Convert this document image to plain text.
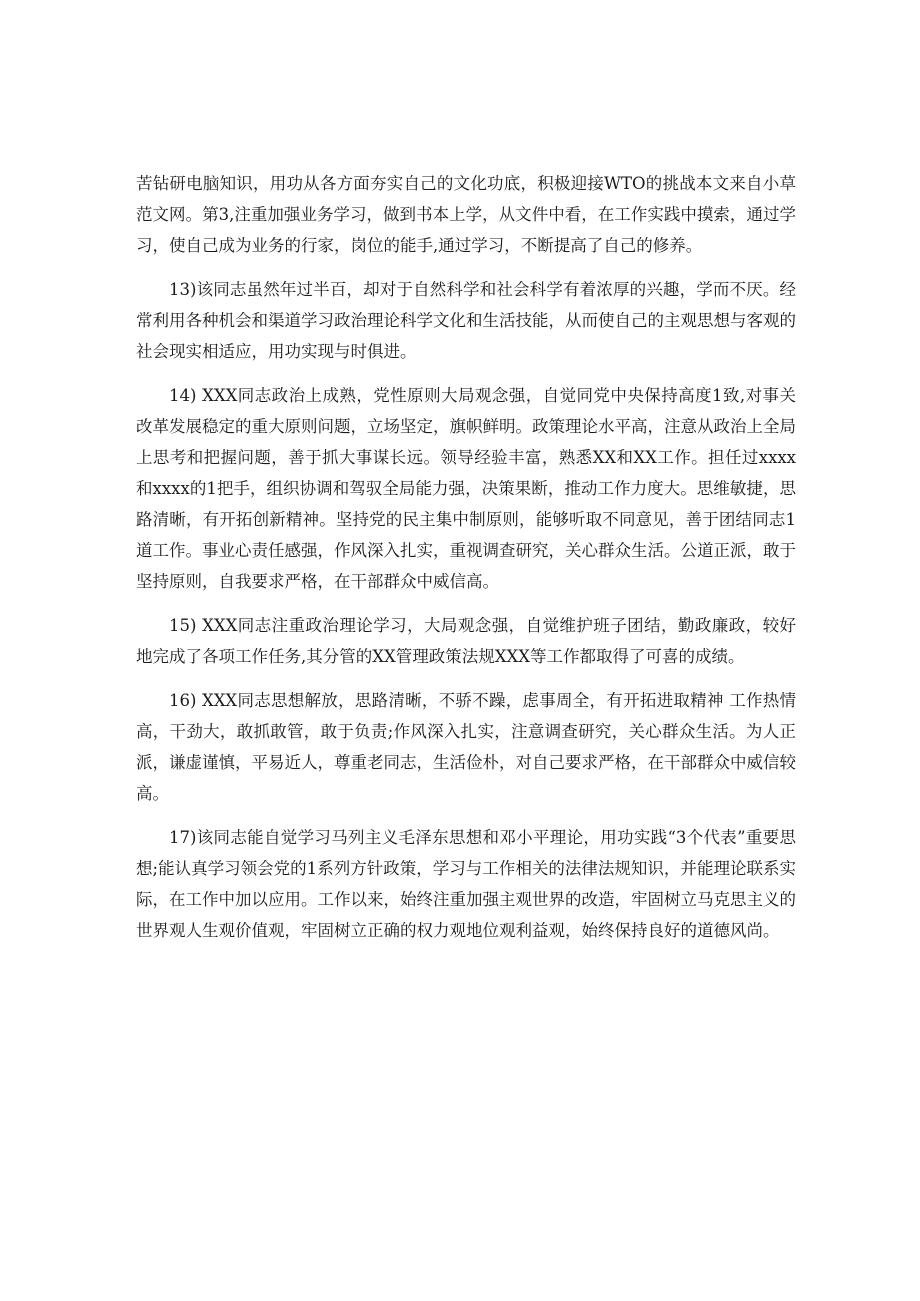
苦钻研电脑知识，用功从各方面夯实自己的文化功底，积极迎接WTO的挑战本文来自小草范文网。第3,注重加强业务学习，做到书本上学，从文件中看，在工作实践中摸索，通过学习，使自己成为业务的行家，岗位的能手,通过学习，不断提高了自己的修养。

13)该同志虽然年过半百，却对于自然科学和社会科学有着浓厚的兴趣，学而不厌。经常利用各种机会和渠道学习政治理论科学文化和生活技能，从而使自己的主观思想与客观的社会现实相适应，用功实现与时俱进。

14) XXX同志政治上成熟，党性原则大局观念强，自觉同党中央保持高度1致,对事关改革发展稳定的重大原则问题，立场坚定，旗帜鲜明。政策理论水平高，注意从政治上全局上思考和把握问题，善于抓大事谋长远。领导经验丰富，熟悉XX和XX工作。担任过xxxx和xxxx的1把手，组织协调和驾驭全局能力强，决策果断，推动工作力度大。思维敏捷，思路清晰，有开拓创新精神。坚持党的民主集中制原则，能够听取不同意见，善于团结同志1道工作。事业心责任感强，作风深入扎实，重视调查研究，关心群众生活。公道正派，敢于坚持原则，自我要求严格，在干部群众中威信高。

15) XXX同志注重政治理论学习，大局观念强，自觉维护班子团结，勤政廉政，较好地完成了各项工作任务,其分管的XX管理政策法规XXX等工作都取得了可喜的成绩。

16) XXX同志思想解放，思路清晰，不骄不躁，虑事周全，有开拓进取精神 工作热情高，干劲大，敢抓敢管，敢于负责;作风深入扎实，注意调查研究，关心群众生活。为人正派，谦虚谨慎，平易近人，尊重老同志，生活俭朴，对自己要求严格，在干部群众中威信较高。

17)该同志能自觉学习马列主义毛泽东思想和邓小平理论，用功实践“3个代表”重要思想;能认真学习领会党的1系列方针政策，学习与工作相关的法律法规知识，并能理论联系实际，在工作中加以应用。工作以来，始终注重加强主观世界的改造，牢固树立马克思主义的世界观人生观价值观，牢固树立正确的权力观地位观利益观，始终保持良好的道德风尚。
